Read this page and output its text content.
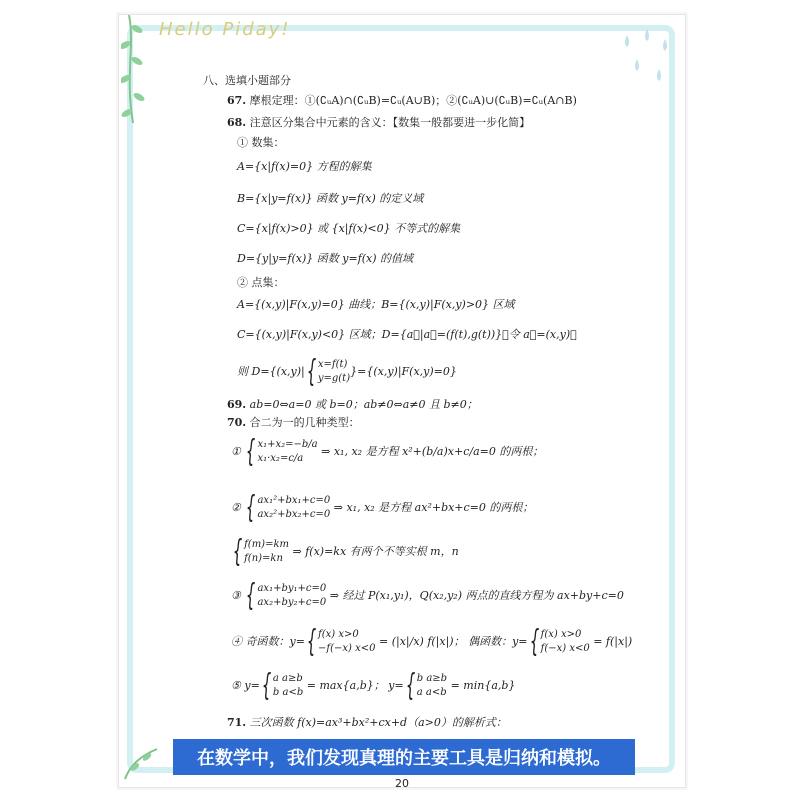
Hello Piday!
八、选填小题部分
67. 摩根定理：①(∁ᵤA)∩(∁ᵤB)=∁ᵤ(A∪B)；②(∁ᵤA)∪(∁ᵤB)=∁ᵤ(A∩B)
68. 注意区分集合中元素的含义：【数集一般都要进一步化简】
① 数集：
A={x|f(x)=0} 方程的解集
B={x|y=f(x)} 函数 y=f(x) 的定义域
C={x|f(x)>0} 或 {x|f(x)<0} 不等式的解集
D={y|y=f(x)} 函数 y=f(x) 的值域
② 点集：
A={(x,y)|F(x,y)=0} 曲线；B={(x,y)|F(x,y)>0} 区域
C={(x,y)|F(x,y)<0} 区域；D={a⃗|a⃗=(f(t),g(t))}，令 a⃗=(x,y)，
则 D={(x,y)|{ x=f(t)
y=g(t)
}={(x,y)|F(x,y)=0}
69. ab=0⇔a=0 或 b=0；ab≠0⇔a≠0 且 b≠0；
70. 合二为一的几种类型：
① { x₁+x₂=−b/a
x₁·x₂=c/a
⇒ x₁, x₂ 是方程 x²+(b/a)x+c/a=0 的两根；
② { ax₁²+bx₁+c=0
ax₂²+bx₂+c=0
⇒ x₁, x₂ 是方程 ax²+bx+c=0 的两根；
{ f(m)=km
f(n)=kn
⇒ f(x)=kx 有两个不等实根 m，n
③ { ax₁+by₁+c=0
ax₂+by₂+c=0
⇒ 经过 P(x₁,y₁)，Q(x₂,y₂) 两点的直线方程为 ax+by+c=0
④ 奇函数：y={ f(x) x>0
−f(−x) x<0
= (|x|/x) f(|x|)； 偶函数：y={ f(x) x>0
f(−x) x<0
= f(|x|)
⑤ y={ a a≥b
b a<b
= max{a,b}； y={ b a≥b
a a<b
= min{a,b}
71. 三次函数 f(x)=ax³+bx²+cx+d（a>0）的解析式：
在数学中，我们发现真理的主要工具是归纳和模拟。
20
